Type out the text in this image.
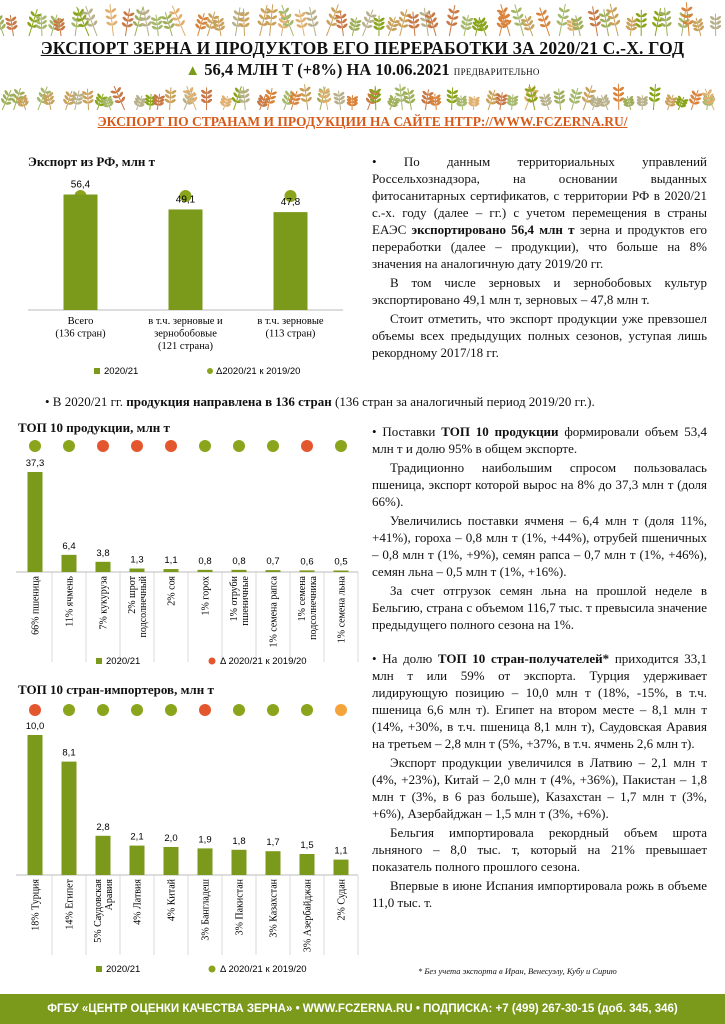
ЭКСПОРТ ЗЕРНА И ПРОДУКТОВ ЕГО ПЕРЕРАБОТКИ ЗА 2020/21 С.-Х. ГОД
▲ 56,4 МЛН Т (+8%) НА 10.06.2021 ПРЕДВАРИТЕЛЬНО
ЭКСПОРТ ПО СТРАНАМ И ПРОДУКЦИИ НА САЙТЕ HTTP://WWW.FCZERNA.RU/
Экспорт из РФ, млн т
56,4
Всего
(136 стран)
49,1
в т.ч. зерновые и
зернобобовые
(121 страна)
47,8
в т.ч. зерновые
(113 стран)
2020/21	Δ2020/21 к 2019/20

• По данным территориальных управлений Россельхознадзора, на основании выданных фитосанитарных сертификатов, с территории РФ в 2020/21 с.-х. году (далее – гг.) с учетом перемещения в страны ЕАЭС экспортировано 56,4 млн т зерна и продуктов его переработки (далее – продукции), что больше на 8% значения на аналогичную дату 2019/20 гг.

В том числе зерновых и зернобобовых культур экспортировано 49,1 млн т, зерновых – 47,8 млн т.

Стоит отметить, что экспорт продукции уже превзошел объемы всех предыдущих полных сезонов, уступая лишь рекордному 2017/18 гг.

• В 2020/21 гг. продукция направлена в 136 стран (136 стран за аналогичный период 2019/20 гг.).
ТОП 10 продукции, млн т
37,3
66% пшеница
6,4
11% ячмень
3,8
7% кукуруза
1,3
2% шрот подсолнечный
1,1
2% соя
0,8
1% горох
0,8
1% отруби пшеничные
0,7
1% семена рапса
0,6
1% семена подсолнечника
0,5
1% семена льна
2020/21	Δ 2020/21 к 2019/20

• Поставки ТОП 10 продукции формировали объем 53,4 млн т и долю 95% в общем экспорте.

Традиционно наибольшим спросом пользовалась пшеница, экспорт которой вырос на 8% до 37,3 млн т (доля 66%).

Увеличились поставки ячменя – 6,4 млн т (доля 11%, +41%), гороха – 0,8 млн т (1%, +44%), отрубей пшеничных – 0,8 млн т (1%, +9%), семян рапса – 0,7 млн т (1%, +46%), семян льна – 0,5 млн т (1%, +16%).

За счет отгрузок семян льна на прошлой неделе в Бельгию, страна с объемом 116,7 тыс. т превысила значение предыдущего полного сезона на 1%.

ТОП 10 стран-импортеров, млн т
10,0
18% Турция
8,1
14% Египет
2,8
5% Саудовская Аравия
2,1
4% Латвия
2,0
4% Китай
1,9
3% Бангладеш
1,8
3% Пакистан
1,7
3% Казахстан
1,5
3% Азербайджан
1,1
2% Судан
2020/21	Δ 2020/21 к 2019/20

• На долю ТОП 10 стран-получателей* приходится 33,1 млн т или 59% от экспорта. Турция удерживает лидирующую позицию – 10,0 млн т (18%, -15%, в т.ч. пшеница 6,6 млн т). Египет на втором месте – 8,1 млн т (14%, +30%, в т.ч. пшеница 8,1 млн т), Саудовская Аравия на третьем – 2,8 млн т (5%, +37%, в т.ч. ячмень 2,6 млн т).

Экспорт продукции увеличился в Латвию – 2,1 млн т (4%, +23%), Китай – 2,0 млн т (4%, +36%), Пакистан – 1,8 млн т (3%, в 6 раз больше), Казахстан – 1,7 млн т (3%, +6%), Азербайджан – 1,5 млн т (3%, +6%).

Бельгия импортировала рекордный объем шрота льняного – 8,0 тыс. т, который на 21% превышает показатель полного прошлого сезона.

Впервые в июне Испания импортировала рожь в объеме 11,0 тыс. т.

* Без учета экспорта в Иран, Венесуэлу, Кубу и Сирию
ФГБУ «ЦЕНТР ОЦЕНКИ КАЧЕСТВА ЗЕРНА» • WWW.FCZERNA.RU • ПОДПИСКА: +7 (499) 267-30-15 (доб. 345, 346)
